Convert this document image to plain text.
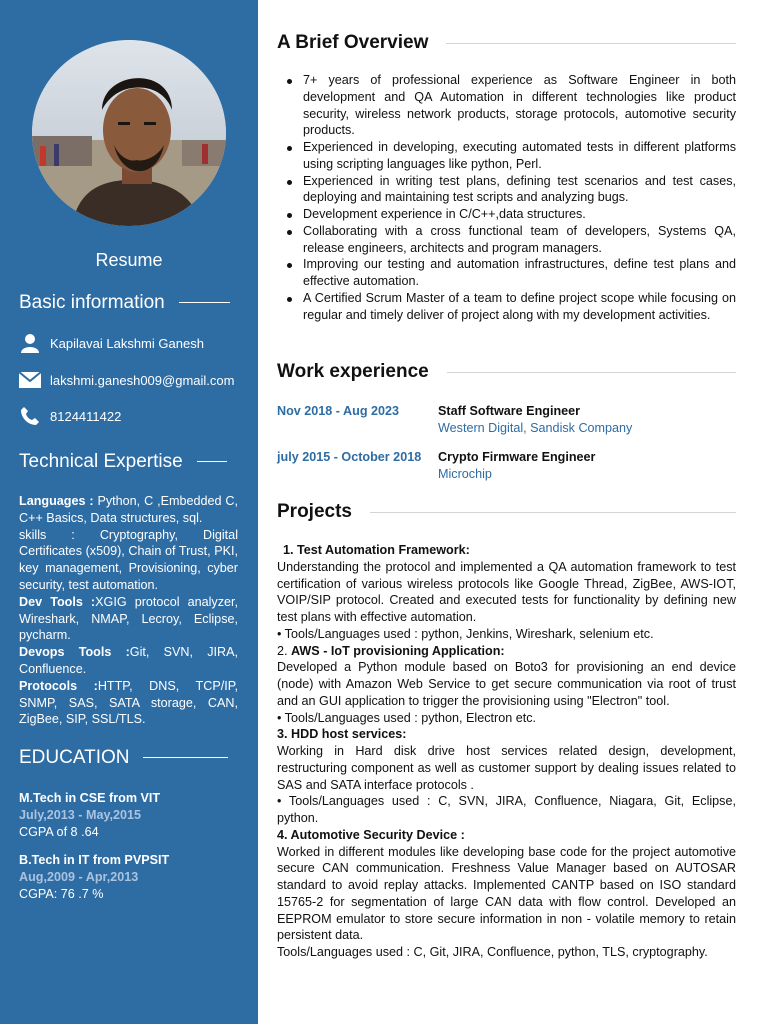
Resume
Basic information
Kapilavai Lakshmi Ganesh
lakshmi.ganesh009@gmail.com
8124411422
Technical Expertise

Languages : Python, C ,Embedded C, C++ Basics, Data structures, sql.

skills : Cryptography, Digital Certificates (x509), Chain of Trust, PKI, key management, Provisioning, cyber security, test automation.

Dev Tools :XGIG protocol analyzer, Wireshark, NMAP, Lecroy, Eclipse, pycharm.

Devops Tools :Git, SVN, JIRA, Confluence.

Protocols :HTTP, DNS, TCP/IP, SNMP, SAS, SATA storage, CAN, ZigBee, SIP, SSL/TLS.

EDUCATION
M.Tech in CSE from VIT
July,2013 - May,2015
CGPA of 8 .64
B.Tech in IT from PVPSIT
Aug,2009 - Apr,2013
CGPA: 76 .7 %
A Brief Overview
7+ years of professional experience as Software Engineer in both development and QA Automation in different technologies like product security, wireless network products, storage protocols, automotive security products.
Experienced in developing, executing automated tests in different platforms using scripting languages like python, Perl.
Experienced in writing test plans, defining test scenarios and test cases, deploying and maintaining test scripts and analyzing bugs.
Development experience in C/C++,data structures.
Collaborating with a cross functional team of developers, Systems QA, release engineers, architects and program managers.
Improving our testing and automation infrastructures, define test plans and effective automation.
A Certified Scrum Master of a team to define project scope while focusing on regular and timely deliver of project along with my development activities.
Work experience
Nov 2018 - Aug 2023	Staff Software Engineer
Western Digital, Sandisk Company
july 2015 - October 2018 Crypto Firmware Engineer
Microchip
Projects

1. Test Automation Framework:

Understanding the protocol and implemented a QA automation framework to test certification of various wireless protocols like Google Thread, ZigBee, AWS-IOT, VOIP/SIP protocol. Created and executed tests for functionality by defining new test plans with effective automation.

• Tools/Languages used : python, Jenkins, Wireshark, selenium etc.

2. AWS - IoT provisioning Application:

Developed a Python module based on Boto3 for provisioning an end device (node) with Amazon Web Service to get secure communication via root of trust and an GUI application to trigger the provisioning using "Electron" tool.

• Tools/Languages used : python, Electron etc.

3. HDD host services:

Working in Hard disk drive host services related design, development, restructuring component as well as customer support by dealing issues related to SAS and SATA interface protocols .

• Tools/Languages used : C, SVN, JIRA, Confluence, Niagara, Git, Eclipse, python.

4. Automotive Security Device :

Worked in different modules like developing base code for the project automotive secure CAN communication. Freshness Value Manager based on AUTOSAR standard to avoid replay attacks. Implemented CANTP based on ISO standard 15765-2 for segmentation of large CAN data with flow control. Developed an EEPROM emulator to store secure information in non - volatile memory to retain persistent data.

Tools/Languages used : C, Git, JIRA, Confluence, python, TLS, cryptography.
